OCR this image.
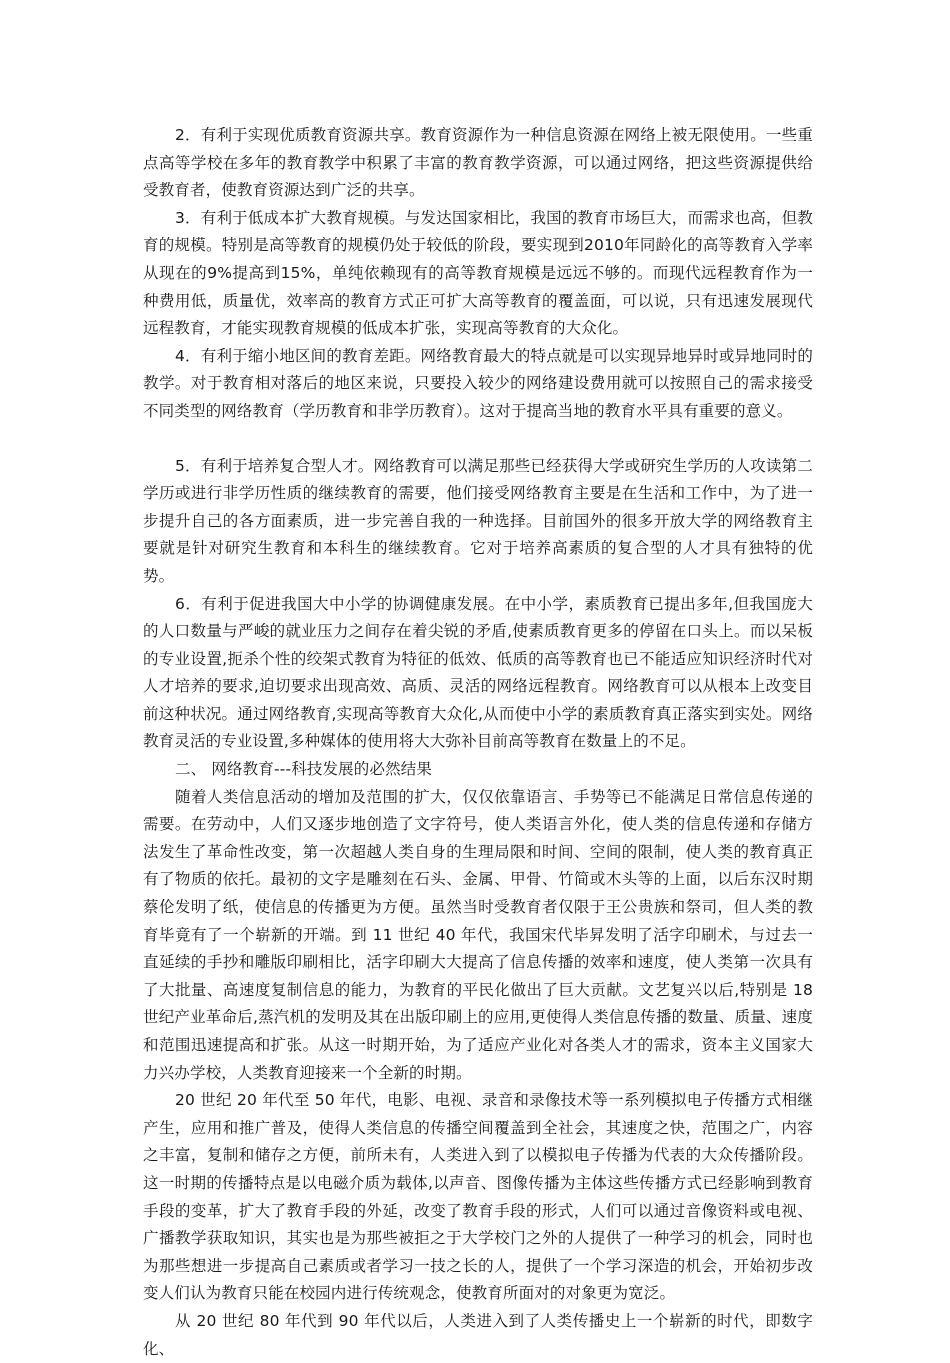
2．有利于实现优质教育资源共享。教育资源作为一种信息资源在网络上被无限使用。一些重点高等学校在多年的教育教学中积累了丰富的教育教学资源，可以通过网络，把这些资源提供给受教育者，使教育资源达到广泛的共享。

3．有利于低成本扩大教育规模。与发达国家相比，我国的教育市场巨大，而需求也高，但教育的规模。特别是高等教育的规模仍处于较低的阶段，要实现到2010年同龄化的高等教育入学率从现在的9%提高到15%，单纯依赖现有的高等教育规模是远远不够的。而现代远程教育作为一种费用低，质量优，效率高的教育方式正可扩大高等教育的覆盖面，可以说，只有迅速发展现代远程教育，才能实现教育规模的低成本扩张，实现高等教育的大众化。

4．有利于缩小地区间的教育差距。网络教育最大的特点就是可以实现异地异时或异地同时的教学。对于教育相对落后的地区来说，只要投入较少的网络建设费用就可以按照自己的需求接受不同类型的网络教育（学历教育和非学历教育）。这对于提高当地的教育水平具有重要的意义。

5．有利于培养复合型人才。网络教育可以满足那些已经获得大学或研究生学历的人攻读第二学历或进行非学历性质的继续教育的需要，他们接受网络教育主要是在生活和工作中，为了进一步提升自己的各方面素质，进一步完善自我的一种选择。目前国外的很多开放大学的网络教育主要就是针对研究生教育和本科生的继续教育。它对于培养高素质的复合型的人才具有独特的优势。

6．有利于促进我国大中小学的协调健康发展。在中小学，素质教育已提出多年,但我国庞大的人口数量与严峻的就业压力之间存在着尖锐的矛盾,使素质教育更多的停留在口头上。而以呆板的专业设置,扼杀个性的绞架式教育为特征的低效、低质的高等教育也已不能适应知识经济时代对人才培养的要求,迫切要求出现高效、高质、灵活的网络远程教育。网络教育可以从根本上改变目前这种状况。通过网络教育,实现高等教育大众化,从而使中小学的素质教育真正落实到实处。网络教育灵活的专业设置,多种媒体的使用将大大弥补目前高等教育在数量上的不足。

二、 网络教育---科技发展的必然结果

随着人类信息活动的增加及范围的扩大，仅仅依靠语言、手势等已不能满足日常信息传递的需要。在劳动中，人们又逐步地创造了文字符号，使人类语言外化，使人类的信息传递和存储方法发生了革命性改变，第一次超越人类自身的生理局限和时间、空间的限制，使人类的教育真正有了物质的依托。最初的文字是雕刻在石头、金属、甲骨、竹简或木头等的上面，以后东汉时期蔡伦发明了纸，使信息的传播更为方便。虽然当时受教育者仅限于王公贵族和祭司，但人类的教育毕竟有了一个崭新的开端。到 11 世纪 40 年代，我国宋代毕昇发明了活字印刷术，与过去一直延续的手抄和雕版印刷相比，活字印刷大大提高了信息传播的效率和速度，使人类第一次具有了大批量、高速度复制信息的能力，为教育的平民化做出了巨大贡献。文艺复兴以后,特别是 18 世纪产业革命后,蒸汽机的发明及其在出版印刷上的应用,更使得人类信息传播的数量、质量、速度和范围迅速提高和扩张。从这一时期开始，为了适应产业化对各类人才的需求，资本主义国家大力兴办学校，人类教育迎接来一个全新的时期。

20 世纪 20 年代至 50 年代，电影、电视、录音和录像技术等一系列模拟电子传播方式相继产生，应用和推广普及，使得人类信息的传播空间覆盖到全社会，其速度之快，范围之广，内容之丰富，复制和储存之方便，前所未有，人类进入到了以模拟电子传播为代表的大众传播阶段。这一时期的传播特点是以电磁介质为载体,以声音、图像传播为主体这些传播方式已经影响到教育手段的变革，扩大了教育手段的外延，改变了教育手段的形式，人们可以通过音像资料或电视、广播教学获取知识，其实也是为那些被拒之于大学校门之外的人提供了一种学习的机会，同时也为那些想进一步提高自己素质或者学习一技之长的人，提供了一个学习深造的机会，开始初步改变人们认为教育只能在校园内进行传统观念，使教育所面对的对象更为宽泛。

从 20 世纪 80 年代到 90 年代以后，人类进入到了人类传播史上一个崭新的时代，即数字化、
